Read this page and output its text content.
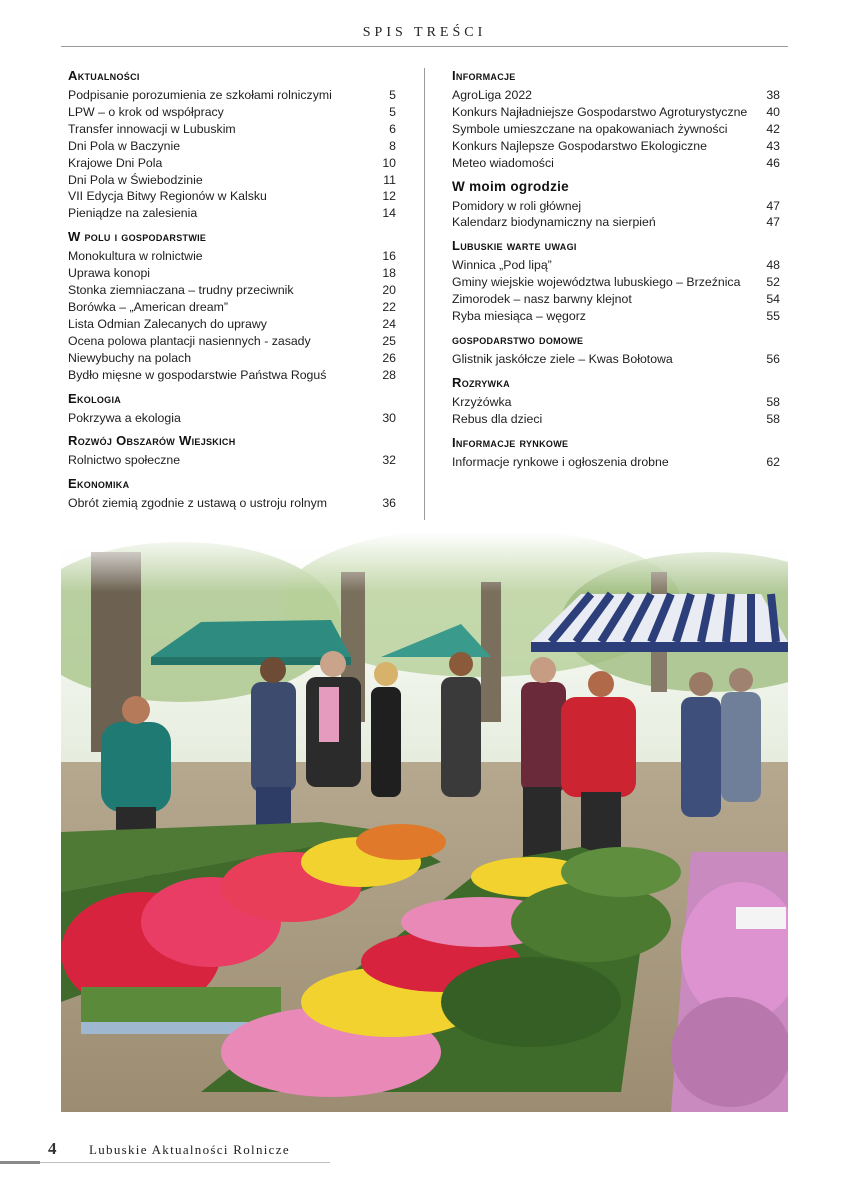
SPIS TREŚCI
Aktualności
Podpisanie porozumienia ze szkołami rolniczymi	5
LPW – o krok od współpracy	5
Transfer innowacji w Lubuskim	6
Dni Pola w Baczynie	8
Krajowe Dni Pola	10
Dni Pola w Świebodzinie	11
VII Edycja Bitwy Regionów w Kalsku	12
Pieniądze na zalesienia	14
W polu i gospodarstwie
Monokultura w rolnictwie	16
Uprawa konopi	18
Stonka ziemniaczana – trudny przeciwnik	20
Borówka – „American dream”	22
Lista Odmian Zalecanych do uprawy	24
Ocena polowa plantacji nasiennych - zasady	25
Niewybuchy na polach	26
Bydło mięsne w gospodarstwie Państwa Roguś	28
Ekologia
Pokrzywa a ekologia	30
Rozwój Obszarów Wiejskich
Rolnictwo społeczne	32
Ekonomika
Obrót ziemią zgodnie z ustawą o ustroju rolnym	36
Informacje
AgroLiga 2022	38
Konkurs Najładniejsze Gospodarstwo Agroturystyczne	40
Symbole umieszczane na opakowaniach żywności	42
Konkurs Najlepsze Gospodarstwo Ekologiczne	43
Meteo wiadomości	46
W moim ogrodzie
Pomidory w roli głównej	47
Kalendarz biodynamiczny na sierpień	47
Lubuskie warte uwagi
Winnica „Pod lipą”	48
Gminy wiejskie województwa lubuskiego – Brzeźnica	52
Zimorodek – nasz barwny klejnot	54
Ryba miesiąca – węgorz	55
gospodarstwo domowe
Glistnik jaskółcze ziele – Kwas Bołotowa	56
Rozrywka
Krzyżówka	58
Rebus dla dzieci	58
Informacje rynkowe
Informacje rynkowe i ogłoszenia drobne	62
4	Lubuskie Aktualności Rolnicze
